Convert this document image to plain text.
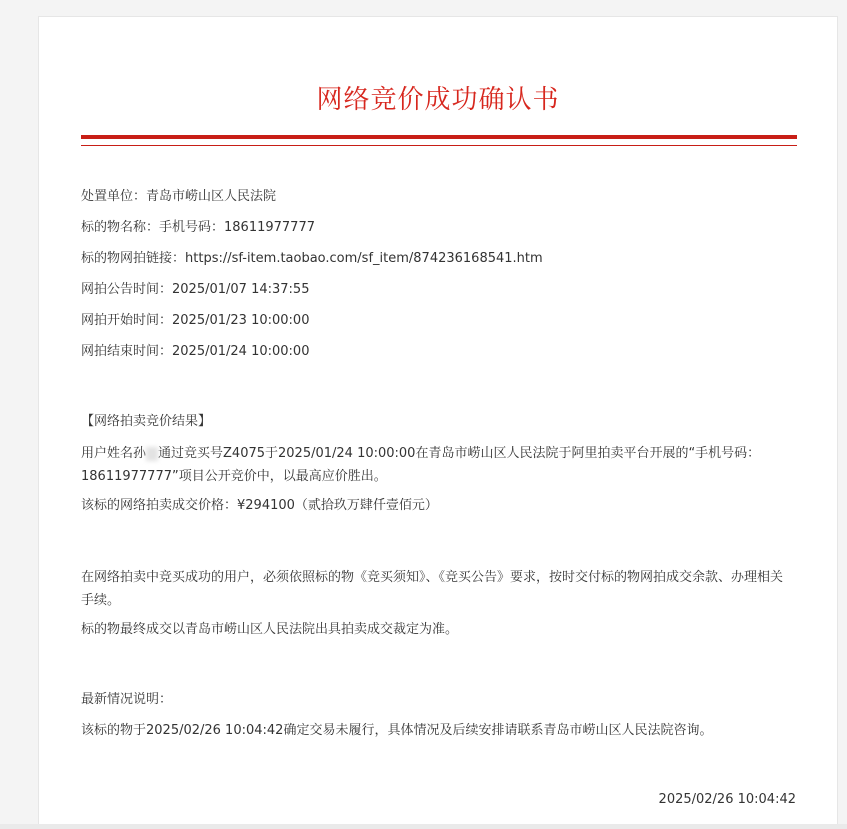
网络竞价成功确认书
处置单位：青岛市崂山区人民法院
标的物名称：手机号码：18611977777
标的物网拍链接：https://sf-item.taobao.com/sf_item/874236168541.htm
网拍公告时间：2025/01/07 14:37:55
网拍开始时间：2025/01/23 10:00:00
网拍结束时间：2025/01/24 10:00:00
【网络拍卖竞价结果】
用户姓名孙 通过竞买号Z4075于2025/01/24 10:00:00在青岛市崂山区人民法院于阿里拍卖平台开展的“手机号码：18611977777”项目公开竞价中，以最高应价胜出。
该标的网络拍卖成交价格：¥294100（贰拾玖万肆仟壹佰元）
在网络拍卖中竞买成功的用户，必须依照标的物《竞买须知》、《竞买公告》要求，按时交付标的物网拍成交余款、办理相关手续。
标的物最终成交以青岛市崂山区人民法院出具拍卖成交裁定为准。
最新情况说明：
该标的物于2025/02/26 10:04:42确定交易未履行，具体情况及后续安排请联系青岛市崂山区人民法院咨询。
2025/02/26 10:04:42
